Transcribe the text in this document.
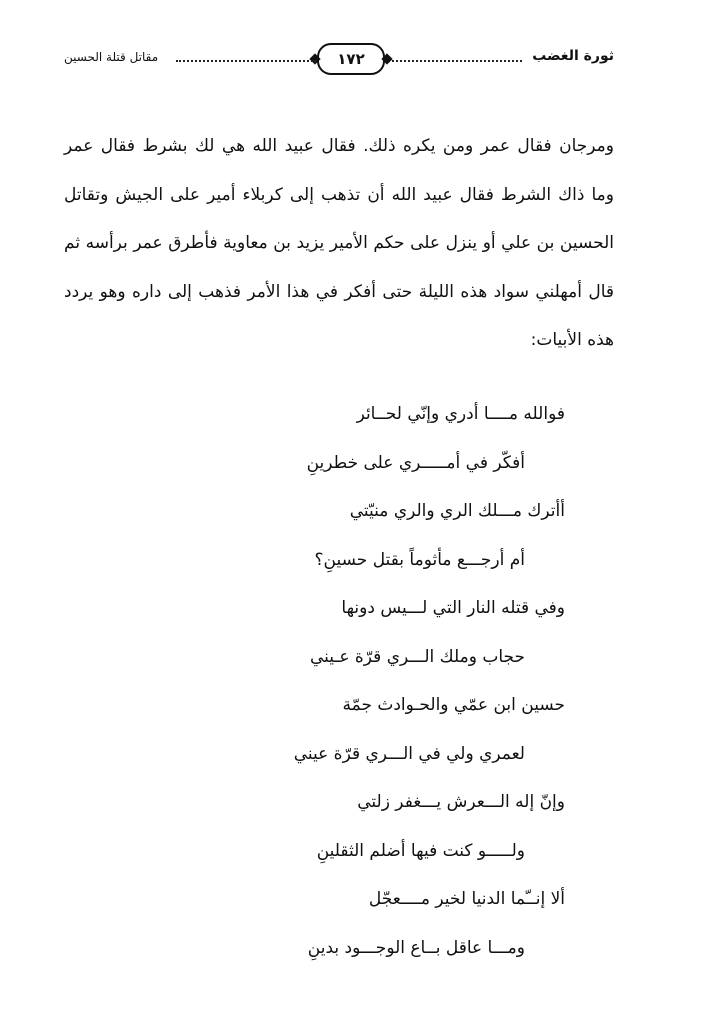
ثورة الغضب
١٧٢
مقاتل قتلة الحسين

ومرجان فقال عمر ومن يكره ذلك. فقال عبيد الله هي لك بشرط فقال عمر وما ذاك الشرط فقال عبيد الله أن تذهب إلى كربلاء أمير على الجيش وتقاتل الحسين بن علي أو ينزل على حكم الأمير يزيد بن معاوية فأطرق عمر برأسه ثم قال أمهلني سواد هذه الليلة حتى أفكر في هذا الأمر فذهب إلى داره وهو يردد هذه الأبيات:

فوالله مــــا أدري وإنّي لحــائر
أفكّر في أمـــــري على خطرينِ
أأترك مـــلك الري والري منيّتي
أم أرجـــع مأثوماً بقتل حسينِ؟
وفي قتله النار التي لـــيس دونها
حجاب وملك الـــري قرّة عـيني
حسين ابن عمّي والحـوادث جمّة
لعمري ولي في الـــري قرّة عيني
وإنّ إله الـــعرش يـــغفر زلتي
ولـــــو كنت فيها أضلم الثقلينِ
ألا إنــّما الدنيا لخير مــــعجّل
ومـــا عاقل بــاع الوجـــود بدينِ
